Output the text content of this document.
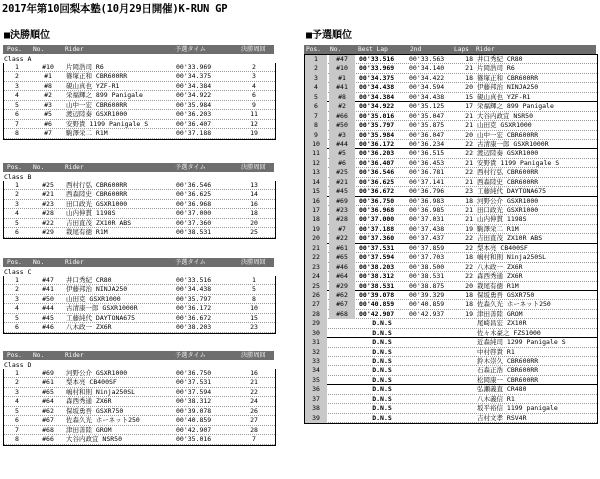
2017年第10回梨本塾(10月29日開催)K-RUN GP
■決勝順位
Pos. No.	Rider	予選タイム	決勝周回
Class A
1	#10	片岡浩司 R6	00'33.969	2
2	#1	篠塚正和 CBR600RR	00'34.375	3
3	#8	硯山真也 YZF-R1	00'34.384	4
4	#2	栄福輝之 899 Panigale	00'34.922	6
5	#3	山中一宏 CBR600RR	00'35.984	9
6	#5	渡辺陸奏 GSXR1000	00'36.203	11
7	#6	安野貴 1199 Panigale S	00'36.407	12
8	#7	駒澤栄二 R1M	00'37.188	19
Pos. No.	Rider	予選タイム	決勝周回
Class B
1	#25	西村行弘 CBR600RR	00'36.546	13
2	#21	西森陸史 CBR600RR	00'36.625	14
3	#23	田口政光 GSXR1000	00'36.968	16
4	#28	山内伸貫 1198S	00'37.000	18
5	#22	吉田直茂 ZX10R ABS	00'37.360	20
6	#29	栽尾有徳 R1M	00'38.531	25
Pos. No.	Rider	予選タイム	決勝周回
Class C
1	#47	井口秀紀 CR80	00'33.516	1
2	#41	伊藤邦治 NINJA250	00'34.438	5
3	#50	山田克 GSXR1000	00'35.797	8
4	#44	古清康一郎 GSXR1000R	00'36.172	10
5	#45	工藤純代 DAYTONA675	00'36.672	15
6	#46	八木政一 ZX6R	00'38.203	23
Pos. No.	Rider	予選タイム	決勝周回
Class D
1	#69	河野公介 GSXR1000	00'36.750	16
2	#61	梨本亮 CB400SF	00'37.531	21
3	#65	嶋村和則 Ninja250SL	00'37.594	22
4	#64	森西秀通 ZX6R	00'38.312	24
5	#62	保坂勇吾 GSXR750	00'39.078	26
6	#67	佐森久光 ホーネット250	00'40.859	27
7	#68	津田善陸 GROM	00'42.907	28
8	#66	大谷内政宜 NSR50	00'35.016	7
■予選順位
Pos. No.	Best Lap	2nd	Laps Rider
1	#47	00'33.516	00'33.563	18 井口秀紀 CR80
2	#10	00'33.969	00'34.140	21 片岡浩司 R6
3	#1	00'34.375	00'34.422	18 篠塚正和 CBR600RR
4	#41	00'34.438	00'34.594	20 伊藤邦治 NINJA250
5	#8	00'34.384	00'34.438	15 硯山真也 YZF-R1
6	#2	00'34.922	00'35.125	17 栄福輝之 899 Panigale
7	#66	00'35.016	00'35.047	21 大谷内政宜 NSR50
8	#50	00'35.797	00'35.875	21 山田克 GSXR1000
9	#3	00'35.984	00'36.047	20 山中一宏 CBR600RR
10	#44	00'36.172	00'36.234	22 古清康一郎 GSXR1000R
11	#5	00'36.203	00'36.515	22 渡辺陸奏 GSXR1000
12	#6	00'36.407	00'36.453	21 安野貴 1199 Panigale S
13	#25	00'36.546	00'36.781	22 西村行弘 CBR600RR
14	#21	00'36.625	00'37.141	21 西森陸史 CBR600RR
15	#45	00'36.672	00'36.796	23 工藤純代 DAYTONA675
16	#69	00'36.750	00'36.983	18 河野公介 GSXR1000
17	#23	00'36.968	00'36.985	21 田口政光 GSXR1000
18	#28	00'37.000	00'37.031	21 山内伸貫 1198S
19	#7	00'37.188	00'37.438	19 駒澤栄二 R1M
20	#22	00'37.360	00'37.437	22 吉田直茂 ZX10R ABS
21	#61	00'37.531	00'37.859	22 梨本亮 CB400SF
22	#65	00'37.594	00'37.703	18 嶋村和則 Ninja250SL
23	#46	00'38.203	00'38.500	22 八木政一 ZX6R
24	#64	00'38.312	00'38.531	22 森西秀通 ZX6R
25	#29	00'38.531	00'38.875	20 栽尾有徳 R1M
26	#62	00'39.078	00'39.329	18 保坂勇吾 GSXR750
27	#67	00'40.859	00'40.859	18 佐森久光 ホーネット250
28	#68	00'42.907	00'42.937	19 津田善陸 GROM
29	D.N.S	尾崎昌宏 ZX10R
30	D.N.S	佐々木豪之 FZS1000
31	D.N.S	近森純司 1299 Panigale S
32	D.N.S	中村啓貴 R1
33	D.N.S	鈴木崇久 CBR600RR
34	D.N.S	石森正浩 CBR600RR
35	D.N.S	松岡康一 CBR600RR
36	D.N.S	弘瀬義直 CR480
37	D.N.S	八木義信 R1
38	D.N.S	坂平裕信 1199 panigale
39	D.N.S	吉村文孝 RSV4R
